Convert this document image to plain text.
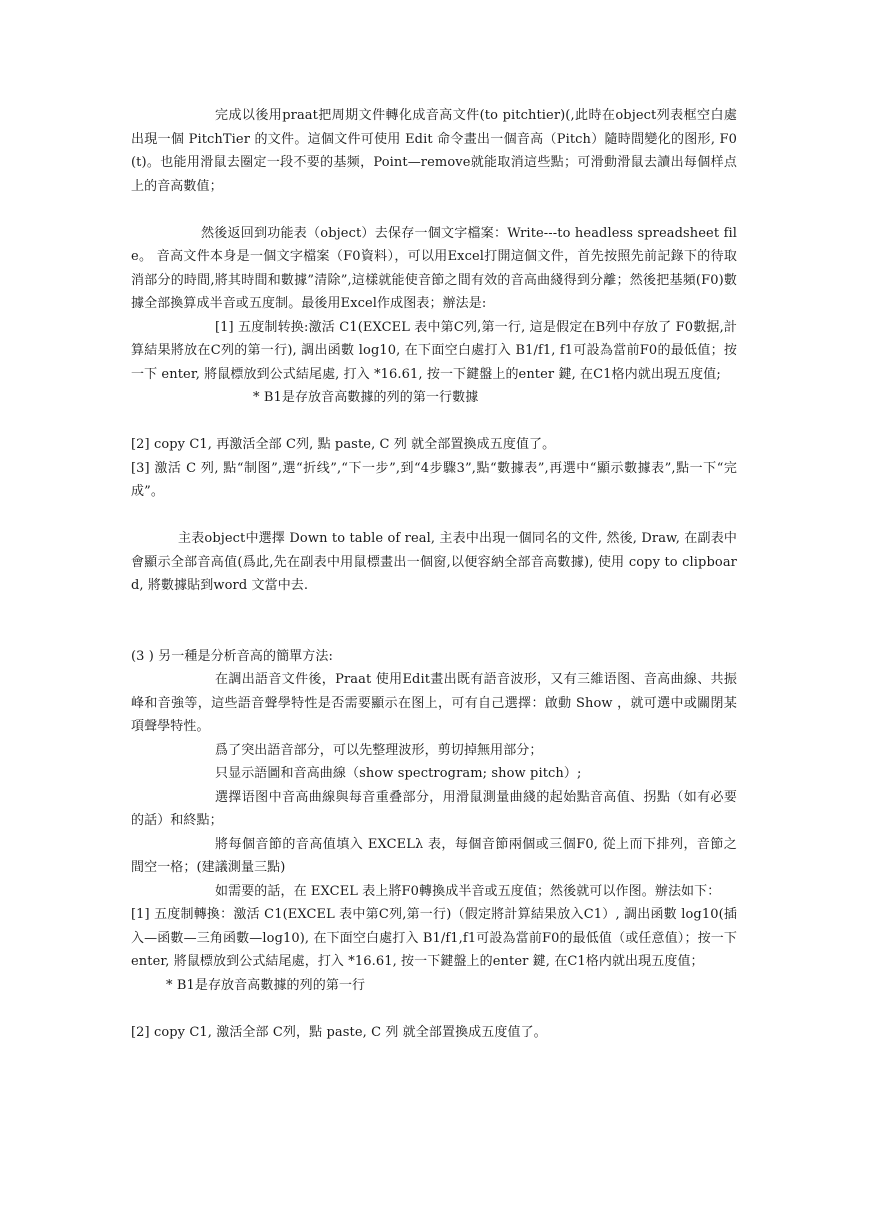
完成以後用praat把周期文件轉化成音高文件(to pitchtier)(,此時在object列表框空白處出現一個 PitchTier 的文件。這個文件可使用 Edit 命令畫出一個音高（Pitch）隨時間變化的图形, F0(t)。也能用滑鼠去圈定一段不要的基频，Point—remove就能取消這些點；可滑動滑鼠去讀出每個样点上的音高數值；

然後返回到功能表（object）去保存一個文字檔案：Write---to headless spreadsheet file。 音高文件本身是一個文字檔案（F0資料），可以用Excel打開這個文件，首先按照先前記錄下的待取消部分的時間,將其時間和數據”清除”,這樣就能使音節之間有效的音高曲綫得到分離；然後把基頻(F0)數據全部換算成半音或五度制。最後用Excel作成图表；辦法是:

[1] 五度制转换:激活 C1(EXCEL 表中第C列,第一行, 這是假定在B列中存放了 F0數据,計算結果將放在C列的第一行), 調出函數 log10, 在下面空白處打入 B1/f1, f1可設為當前F0的最低值；按一下 enter, 將鼠標放到公式結尾處, 打入 *16.61, 按一下鍵盤上的enter 鍵, 在C1格内就出現五度值;

* B1是存放音高數據的列的第一行數據

[2] copy C1, 再激活全部 C列, 點 paste, C 列 就全部置換成五度值了。

[3] 激活 C 列, 點“制图”,選“折线”,“下一步”,到“4步驟3”,點“數據表”,再選中“顯示數據表”,點一下“完成”。

主表object中選擇 Down to table of real, 主表中出現一個同名的文件, 然後, Draw, 在副表中會顯示全部音高值(爲此,先在副表中用鼠標畫出一個窗,以便容納全部音高數據), 使用 copy to clipboard, 將數據貼到word 文當中去.

(3 ) 另一種是分析音高的簡單方法:

在調出語音文件後，Praat 使用Edit畫出既有語音波形，又有三維语图、音高曲線、共振峰和音強等，這些語音聲學特性是否需要顯示在图上，可有自己選擇：啟動 Show ，就可選中或關閉某項聲學特性。

爲了突出語音部分，可以先整理波形，剪切掉無用部分；

只显示語圖和音高曲線（show spectrogram; show pitch）;

選擇语图中音高曲線與每音重叠部分，用滑鼠測量曲綫的起始點音高值、拐點（如有必要的話）和終點；

將每個音節的音高值填入 EXCELλ 表，每個音節兩個或三個F0, 從上而下排列，音節之間空一格；(建議測量三點)

如需要的話，在 EXCEL 表上將F0轉換成半音或五度值；然後就可以作图。辦法如下：

[1] 五度制轉換：激活 C1(EXCEL 表中第C列,第一行)（假定將計算結果放入C1）, 調出函數 log10(插入—函數—三角函數—log10), 在下面空白處打入 B1/f1,f1可設為當前F0的最低值（或任意值）；按一下 enter, 將鼠標放到公式結尾處，打入 *16.61, 按一下鍵盤上的enter 鍵, 在C1格内就出現五度值；

* B1是存放音高數據的列的第一行

[2] copy C1, 激活全部 C列，點 paste, C 列 就全部置換成五度值了。
